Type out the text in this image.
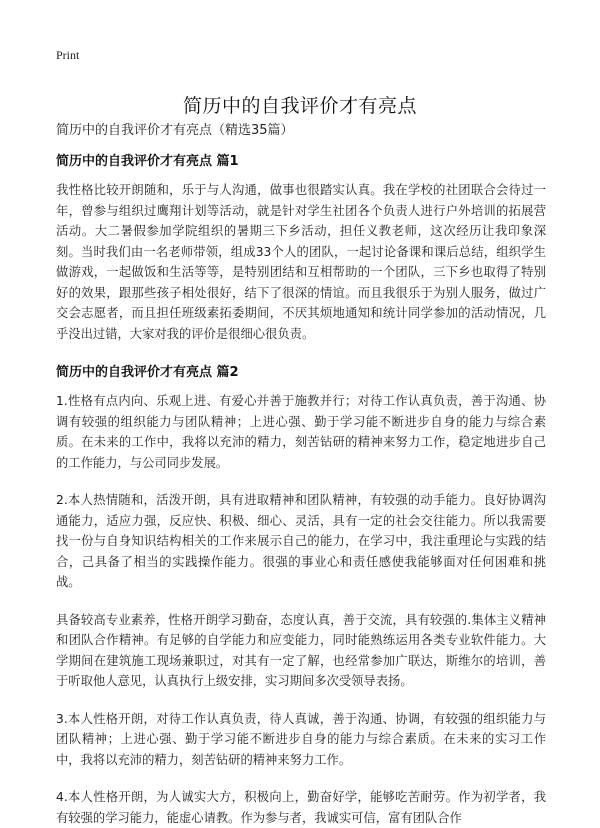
Print
简历中的自我评价才有亮点
简历中的自我评价才有亮点（精选35篇）
简历中的自我评价才有亮点 篇1

我性格比较开朗随和，乐于与人沟通，做事也很踏实认真。我在学校的社团联合会待过一年，曾参与组织过鹰翔计划等活动，就是针对学生社团各个负责人进行户外培训的拓展营活动。大二暑假参加学院组织的暑期三下乡活动，担任义教老师，这次经历让我印象深刻。当时我们由一名老师带领，组成33个人的团队，一起讨论备课和课后总结，组织学生做游戏，一起做饭和生活等等，是特别团结和互相帮助的一个团队，三下乡也取得了特别好的效果，跟那些孩子相处很好，结下了很深的情谊。而且我很乐于为别人服务，做过广交会志愿者，而且担任班级素拓委期间，不厌其烦地通知和统计同学参加的活动情况，几乎没出过错，大家对我的评价是很细心很负责。

简历中的自我评价才有亮点 篇2

1.性格有点内向、乐观上进、有爱心并善于施教并行；对待工作认真负责，善于沟通、协调有较强的组织能力与团队精神；上进心强、勤于学习能不断进步自身的能力与综合素质。在未来的工作中，我将以充沛的精力，刻苦钻研的精神来努力工作，稳定地进步自己的工作能力，与公司同步发展。

2.本人热情随和，活泼开朗，具有进取精神和团队精神，有较强的动手能力。良好协调沟通能力，适应力强，反应快、积极、细心、灵活，具有一定的社会交往能力。所以我需要找一份与自身知识结构相关的工作来展示自己的能力，在学习中，我注重理论与实践的结合，己具备了相当的实践操作能力。很强的事业心和责任感使我能够面对任何困难和挑战。

具备较高专业素养，性格开朗学习勤奋，态度认真，善于交流，具有较强的.集体主义精神和团队合作精神。有足够的自学能力和应变能力，同时能熟练运用各类专业软件能力。大学期间在建筑施工现场兼职过，对其有一定了解，也经常参加广联达，斯维尔的培训，善于听取他人意见，认真执行上级安排，实习期间多次受领导表扬。

3.本人性格开朗，对待工作认真负责，待人真诚，善于沟通、协调，有较强的组织能力与团队精神；上进心强、勤于学习能不断进步自身的能力与综合素质。在未来的实习工作中，我将以充沛的精力，刻苦钻研的精神来努力工作。

4.本人性格开朗，为人诚实大方，积极向上，勤奋好学，能够吃苦耐劳。作为初学者，我有较强的学习能力，能虚心请教。作为参与者，我诚实可信，富有团队合作
